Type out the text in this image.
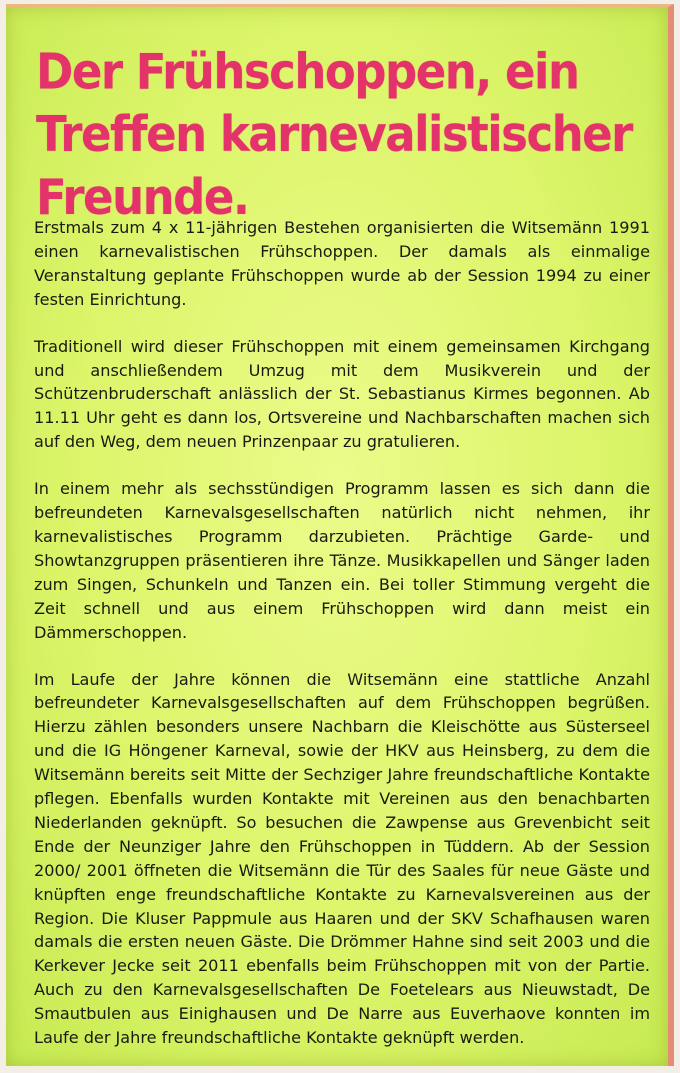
Der Frühschoppen, ein Treffen karnevalistischer Freunde.

Erstmals zum 4 x 11-jährigen Bestehen organisierten die Witsemänn 1991 einen karnevalistischen Frühschoppen. Der damals als einmalige Veranstaltung geplante Frühschoppen wurde ab der Session 1994 zu einer festen Einrichtung.

Traditionell wird dieser Frühschoppen mit einem gemeinsamen Kirchgang und anschließendem Umzug mit dem Musikverein und der Schützenbruderschaft anlässlich der St. Sebastianus Kirmes begonnen. Ab 11.11 Uhr geht es dann los, Ortsvereine und Nachbarschaften machen sich auf den Weg, dem neuen Prinzenpaar zu gratulieren.

In einem mehr als sechsstündigen Programm lassen es sich dann die befreundeten Karnevalsgesellschaften natürlich nicht nehmen, ihr karnevalistisches Programm darzubieten. Prächtige Garde- und Showtanzgruppen präsentieren ihre Tänze. Musikkapellen und Sänger laden zum Singen, Schunkeln und Tanzen ein. Bei toller Stimmung vergeht die Zeit schnell und aus einem Frühschoppen wird dann meist ein Dämmerschoppen.

Im Laufe der Jahre können die Witsemänn eine stattliche Anzahl befreundeter Karnevalsgesellschaften auf dem Frühschoppen begrüßen. Hierzu zählen besonders unsere Nachbarn die Kleischötte aus Süsterseel und die IG Höngener Karneval, sowie der HKV aus Heinsberg, zu dem die Witsemänn bereits seit Mitte der Sechziger Jahre freundschaftliche Kontakte pflegen. Ebenfalls wurden Kontakte mit Vereinen aus den benachbarten Niederlanden geknüpft. So besuchen die Zawpense aus Grevenbicht seit Ende der Neunziger Jahre den Frühschoppen in Tüddern. Ab der Session 2000/ 2001 öffneten die Witsemänn die Tür des Saales für neue Gäste und knüpften enge freundschaftliche Kontakte zu Karnevalsvereinen aus der Region. Die Kluser Pappmule aus Haaren und der SKV Schafhausen waren damals die ersten neuen Gäste. Die Drömmer Hahne sind seit 2003 und die Kerkever Jecke seit 2011 ebenfalls beim Frühschoppen mit von der Partie. Auch zu den Karnevalsgesellschaften De Foetelears aus Nieuwstadt, De Smautbulen aus Einighausen und De Narre aus Euverhaove konnten im Laufe der Jahre freundschaftliche Kontakte geknüpft werden.
